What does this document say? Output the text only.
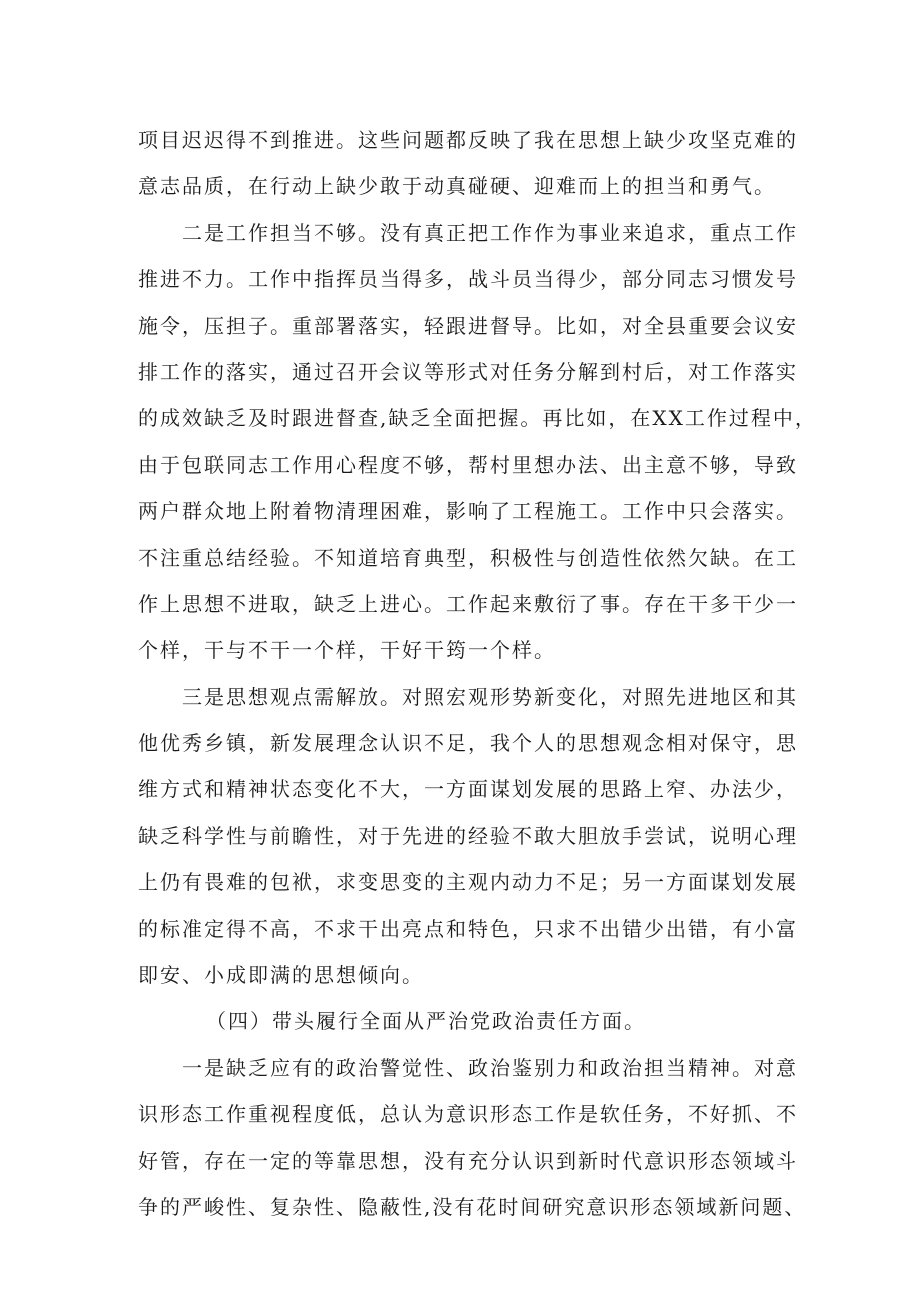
项目迟迟得不到推进。这些问题都反映了我在思想上缺少攻坚克难的
意志品质，在行动上缺少敢于动真碰硬、迎难而上的担当和勇气。
二是工作担当不够。没有真正把工作作为事业来追求，重点工作
推进不力。工作中指挥员当得多，战斗员当得少，部分同志习惯发号
施令，压担子。重部署落实，轻跟进督导。比如，对全县重要会议安
排工作的落实，通过召开会议等形式对任务分解到村后，对工作落实
的成效缺乏及时跟进督查,缺乏全面把握。再比如，在XX工作过程中，
由于包联同志工作用心程度不够，帮村里想办法、出主意不够，导致
两户群众地上附着物清理困难，影响了工程施工。工作中只会落实。
不注重总结经验。不知道培育典型，积极性与创造性依然欠缺。在工
作上思想不进取，缺乏上进心。工作起来敷衍了事。存在干多干少一
个样，干与不干一个样，干好干筠一个样。
三是思想观点需解放。对照宏观形势新变化，对照先进地区和其
他优秀乡镇，新发展理念认识不足，我个人的思想观念相对保守，思
维方式和精神状态变化不大，一方面谋划发展的思路上窄、办法少，
缺乏科学性与前瞻性，对于先进的经验不敢大胆放手尝试，说明心理
上仍有畏难的包袱，求变思变的主观内动力不足；另一方面谋划发展
的标准定得不高，不求干出亮点和特色，只求不出错少出错，有小富
即安、小成即满的思想倾向。
（四）带头履行全面从严治党政治责任方面。
一是缺乏应有的政治警觉性、政治鉴别力和政治担当精神。对意
识形态工作重视程度低，总认为意识形态工作是软任务，不好抓、不
好管，存在一定的等靠思想，没有充分认识到新时代意识形态领域斗
争的严峻性、复杂性、隐蔽性,没有花时间研究意识形态领域新问题、
